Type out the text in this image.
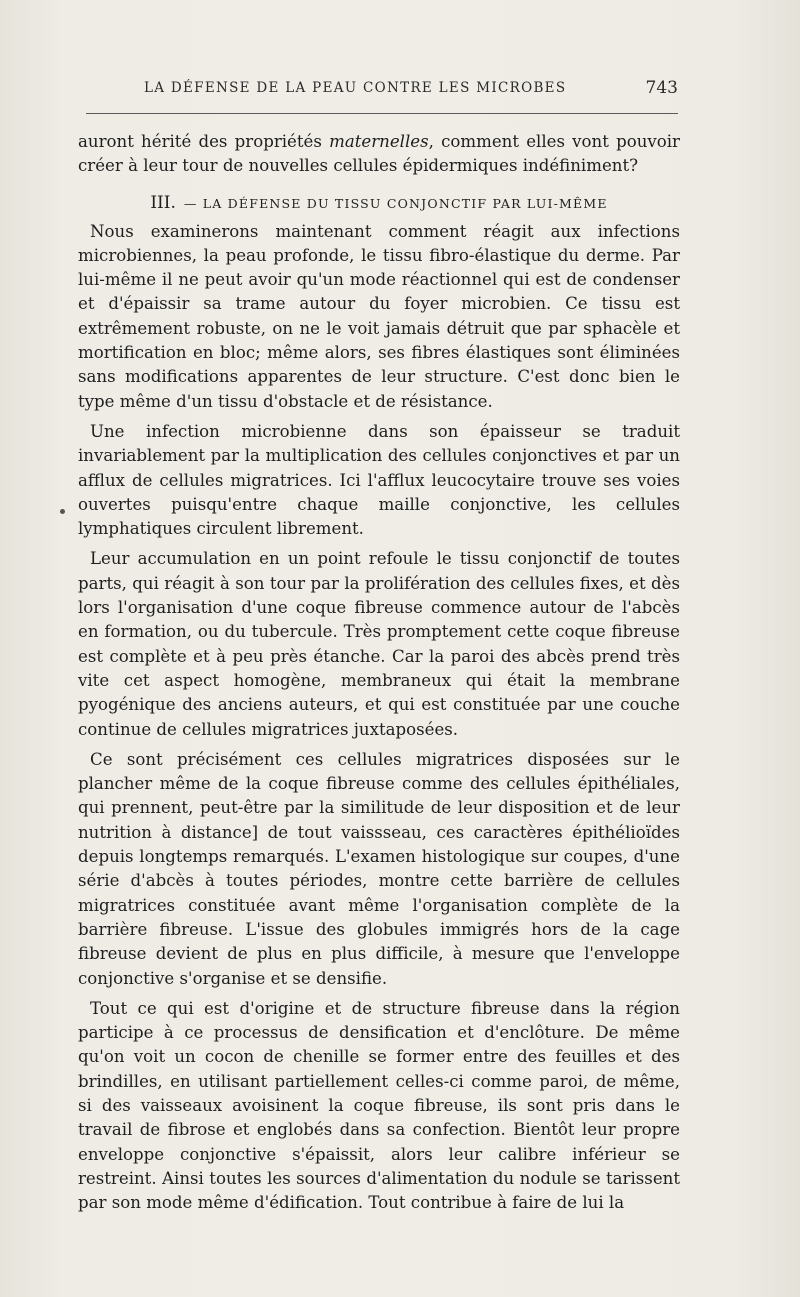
LA DÉFENSE DE LA PEAU CONTRE LES MICROBES	743

auront hérité des propriétés maternelles, comment elles vont pouvoir créer à leur tour de nouvelles cellules épidermiques indéfiniment?

III. — LA DÉFENSE DU TISSU CONJONCTIF PAR LUI-MÊME

Nous examinerons maintenant comment réagit aux infections microbiennes, la peau profonde, le tissu fibro-élastique du derme. Par lui-même il ne peut avoir qu'un mode réactionnel qui est de condenser et d'épaissir sa trame autour du foyer microbien. Ce tissu est extrêmement robuste, on ne le voit jamais détruit que par sphacèle et mortification en bloc; même alors, ses fibres élastiques sont éliminées sans modifications apparentes de leur structure. C'est donc bien le type même d'un tissu d'obstacle et de résistance.

Une infection microbienne dans son épaisseur se traduit invariablement par la multiplication des cellules conjonctives et par un afflux de cellules migratrices. Ici l'afflux leucocytaire trouve ses voies ouvertes puisqu'entre chaque maille conjonctive, les cellules lymphatiques circulent librement.

Leur accumulation en un point refoule le tissu conjonctif de toutes parts, qui réagit à son tour par la prolifération des cellules fixes, et dès lors l'organisation d'une coque fibreuse commence autour de l'abcès en formation, ou du tubercule. Très promptement cette coque fibreuse est complète et à peu près étanche. Car la paroi des abcès prend très vite cet aspect homogène, membraneux qui était la membrane pyogénique des anciens auteurs, et qui est constituée par une couche continue de cellules migratrices juxtaposées.

Ce sont précisément ces cellules migratrices disposées sur le plancher même de la coque fibreuse comme des cellules épithéliales, qui prennent, peut-être par la similitude de leur disposition et de leur nutrition à distance] de tout vaissseau, ces caractères épithélioïdes depuis longtemps remarqués. L'examen histologique sur coupes, d'une série d'abcès à toutes périodes, montre cette barrière de cellules migratrices constituée avant même l'organisation complète de la barrière fibreuse. L'issue des globules immigrés hors de la cage fibreuse devient de plus en plus difficile, à mesure que l'enveloppe conjonctive s'organise et se densifie.

Tout ce qui est d'origine et de structure fibreuse dans la région participe à ce processus de densification et d'enclôture. De même qu'on voit un cocon de chenille se former entre des feuilles et des brindilles, en utilisant partiellement celles-ci comme paroi, de même, si des vaisseaux avoisinent la coque fibreuse, ils sont pris dans le travail de fibrose et englobés dans sa confection. Bientôt leur propre enveloppe conjonctive s'épaissit, alors leur calibre inférieur se restreint. Ainsi toutes les sources d'alimentation du nodule se tarissent par son mode même d'édification. Tout contribue à faire de lui la
